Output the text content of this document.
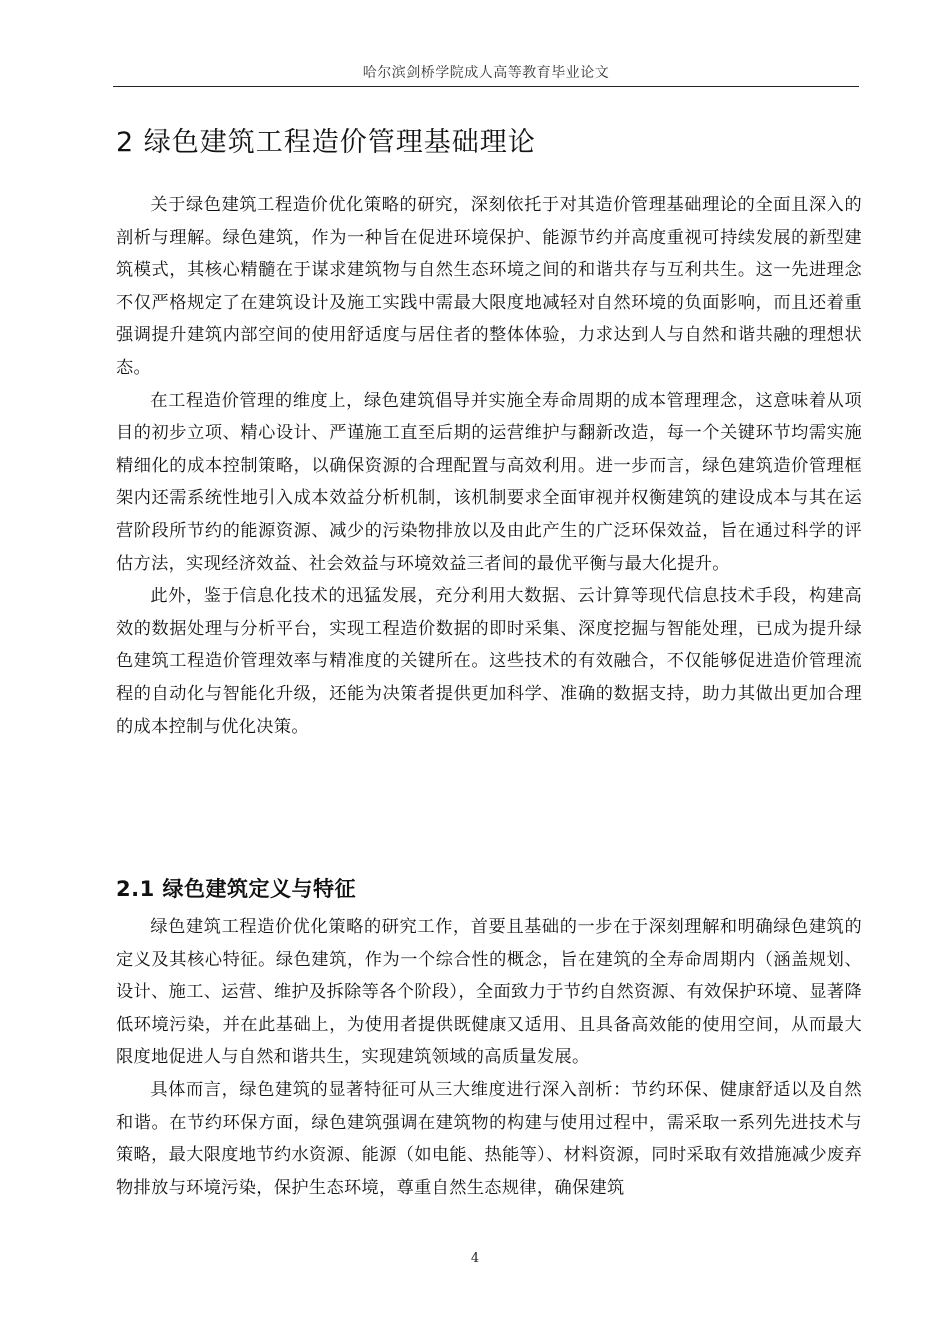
哈尔滨剑桥学院成人高等教育毕业论文
2 绿色建筑工程造价管理基础理论

关于绿色建筑工程造价优化策略的研究，深刻依托于对其造价管理基础理论的全面且深入的剖析与理解。绿色建筑，作为一种旨在促进环境保护、能源节约并高度重视可持续发展的新型建筑模式，其核心精髓在于谋求建筑物与自然生态环境之间的和谐共存与互利共生。这一先进理念不仅严格规定了在建筑设计及施工实践中需最大限度地减轻对自然环境的负面影响，而且还着重强调提升建筑内部空间的使用舒适度与居住者的整体体验，力求达到人与自然和谐共融的理想状态。

在工程造价管理的维度上，绿色建筑倡导并实施全寿命周期的成本管理理念，这意味着从项目的初步立项、精心设计、严谨施工直至后期的运营维护与翻新改造，每一个关键环节均需实施精细化的成本控制策略，以确保资源的合理配置与高效利用。进一步而言，绿色建筑造价管理框架内还需系统性地引入成本效益分析机制，该机制要求全面审视并权衡建筑的建设成本与其在运营阶段所节约的能源资源、减少的污染物排放以及由此产生的广泛环保效益，旨在通过科学的评估方法，实现经济效益、社会效益与环境效益三者间的最优平衡与最大化提升。

此外，鉴于信息化技术的迅猛发展，充分利用大数据、云计算等现代信息技术手段，构建高效的数据处理与分析平台，实现工程造价数据的即时采集、深度挖掘与智能处理，已成为提升绿色建筑工程造价管理效率与精准度的关键所在。这些技术的有效融合，不仅能够促进造价管理流程的自动化与智能化升级，还能为决策者提供更加科学、准确的数据支持，助力其做出更加合理的成本控制与优化决策。

2.1 绿色建筑定义与特征

绿色建筑工程造价优化策略的研究工作，首要且基础的一步在于深刻理解和明确绿色建筑的定义及其核心特征。绿色建筑，作为一个综合性的概念，旨在建筑的全寿命周期内（涵盖规划、设计、施工、运营、维护及拆除等各个阶段），全面致力于节约自然资源、有效保护环境、显著降低环境污染，并在此基础上，为使用者提供既健康又适用、且具备高效能的使用空间，从而最大限度地促进人与自然和谐共生，实现建筑领域的高质量发展。

具体而言，绿色建筑的显著特征可从三大维度进行深入剖析：节约环保、健康舒适以及自然和谐。在节约环保方面，绿色建筑强调在建筑物的构建与使用过程中，需采取一系列先进技术与策略，最大限度地节约水资源、能源（如电能、热能等）、材料资源，同时采取有效措施减少废弃物排放与环境污染，保护生态环境，尊重自然生态规律，确保建筑

4
